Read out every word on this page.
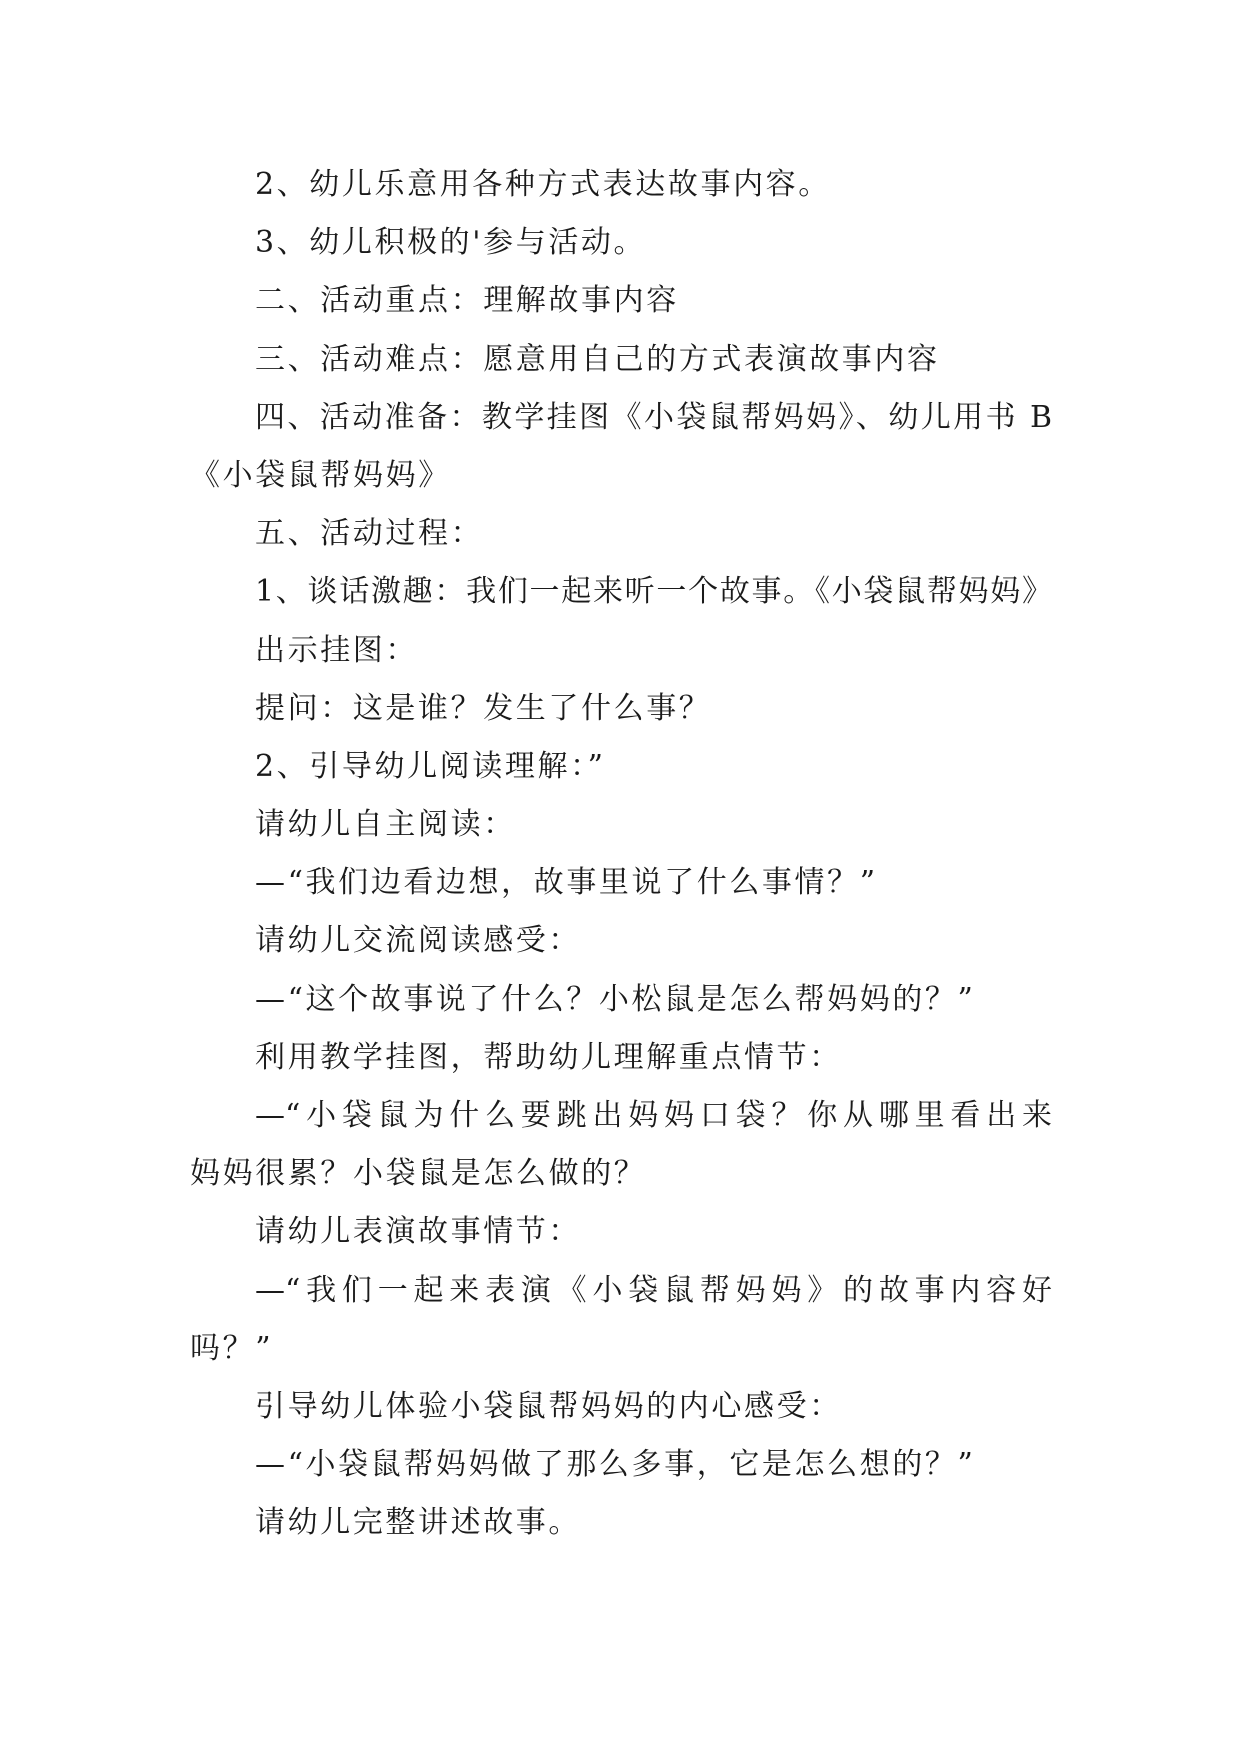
2、幼儿乐意用各种方式表达故事内容。
3、幼儿积极的'参与活动。
二、活动重点：理解故事内容
三、活动难点：愿意用自己的方式表演故事内容
四、活动准备：教学挂图《小袋鼠帮妈妈》、幼儿用书 B
《小袋鼠帮妈妈》
五、活动过程：
1、谈话激趣：我们一起来听一个故事。《小袋鼠帮妈妈》
出示挂图：
提问：这是谁？发生了什么事？
2、引导幼儿阅读理解：”
请幼儿自主阅读：
—“我们边看边想，故事里说了什么事情？”
请幼儿交流阅读感受：
—“这个故事说了什么？小松鼠是怎么帮妈妈的？”
利用教学挂图，帮助幼儿理解重点情节：
—“小袋鼠为什么要跳出妈妈口袋？你从哪里看出来
妈妈很累？小袋鼠是怎么做的？
请幼儿表演故事情节：
—“我们一起来表演《小袋鼠帮妈妈》的故事内容好
吗？”
引导幼儿体验小袋鼠帮妈妈的内心感受：
—“小袋鼠帮妈妈做了那么多事，它是怎么想的？”
请幼儿完整讲述故事。
